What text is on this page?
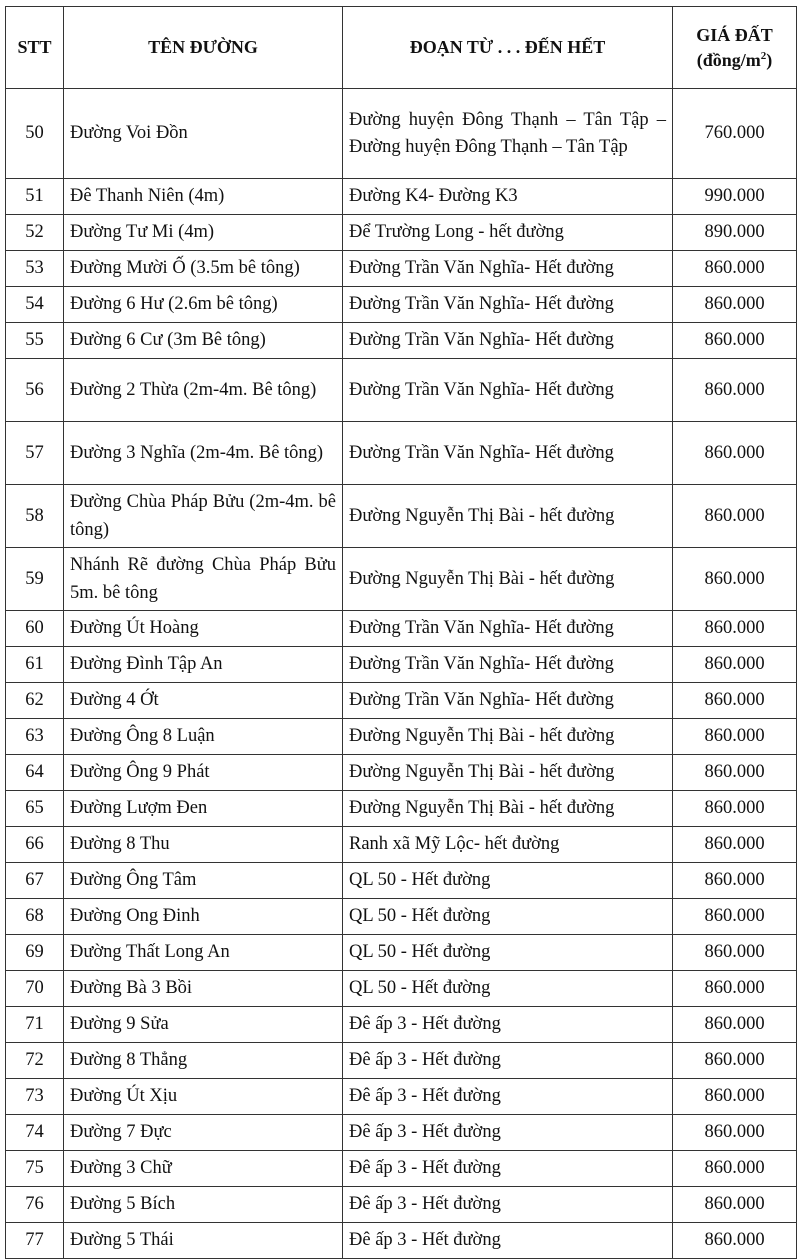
STT	TÊN ĐƯỜNG	ĐOẠN TỪ . . . ĐẾN HẾT	GIÁ ĐẤT
$(đồng/m^2)$
50	Đường Voi Đồn	Đường huyện Đông Thạnh – Tân Tập – Đường huyện Đông Thạnh – Tân Tập	760.000
51	Đê Thanh Niên (4m)	Đường K4- Đường K3	990.000
52	Đường Tư Mi (4m)	Để Trường Long - hết đường	890.000
53	Đường Mười Ố (3.5m bê tông)	Đường Trần Văn Nghĩa- Hết đường	860.000
54	Đường 6 Hư (2.6m bê tông)	Đường Trần Văn Nghĩa- Hết đường	860.000
55	Đường 6 Cư (3m Bê tông)	Đường Trần Văn Nghĩa- Hết đường	860.000
56	Đường 2 Thừa (2m-4m. Bê tông)	Đường Trần Văn Nghĩa- Hết đường	860.000
57	Đường 3 Nghĩa (2m-4m. Bê tông)	Đường Trần Văn Nghĩa- Hết đường	860.000
58	Đường Chùa Pháp Bửu (2m-4m. bê tông)	Đường Nguyễn Thị Bài - hết đường	860.000
59	Nhánh Rẽ đường Chùa Pháp Bửu 5m. bê tông	Đường Nguyễn Thị Bài - hết đường	860.000
60	Đường Út Hoàng	Đường Trần Văn Nghĩa- Hết đường	860.000
61	Đường Đình Tập An	Đường Trần Văn Nghĩa- Hết đường	860.000
62	Đường 4 Ớt	Đường Trần Văn Nghĩa- Hết đường	860.000
63	Đường Ông 8 Luận	Đường Nguyễn Thị Bài - hết đường	860.000
64	Đường Ông 9 Phát	Đường Nguyễn Thị Bài - hết đường	860.000
65	Đường Lượm Đen	Đường Nguyễn Thị Bài - hết đường	860.000
66	Đường 8 Thu	Ranh xã Mỹ Lộc- hết đường	860.000
67	Đường Ông Tâm	QL 50 - Hết đường	860.000
68	Đường Ong Đinh	QL 50 - Hết đường	860.000
69	Đường Thất Long An	QL 50 - Hết đường	860.000
70	Đường Bà 3 Bồi	QL 50 - Hết đường	860.000
71	Đường 9 Sửa	Đê ấp 3 - Hết đường	860.000
72	Đường 8 Thẳng	Đê ấp 3 - Hết đường	860.000
73	Đường Út Xịu	Đê ấp 3 - Hết đường	860.000
74	Đường 7 Đực	Đê ấp 3 - Hết đường	860.000
75	Đường 3 Chữ	Đê ấp 3 - Hết đường	860.000
76	Đường 5 Bích	Đê ấp 3 - Hết đường	860.000
77	Đường 5 Thái	Đê ấp 3 - Hết đường	860.000
